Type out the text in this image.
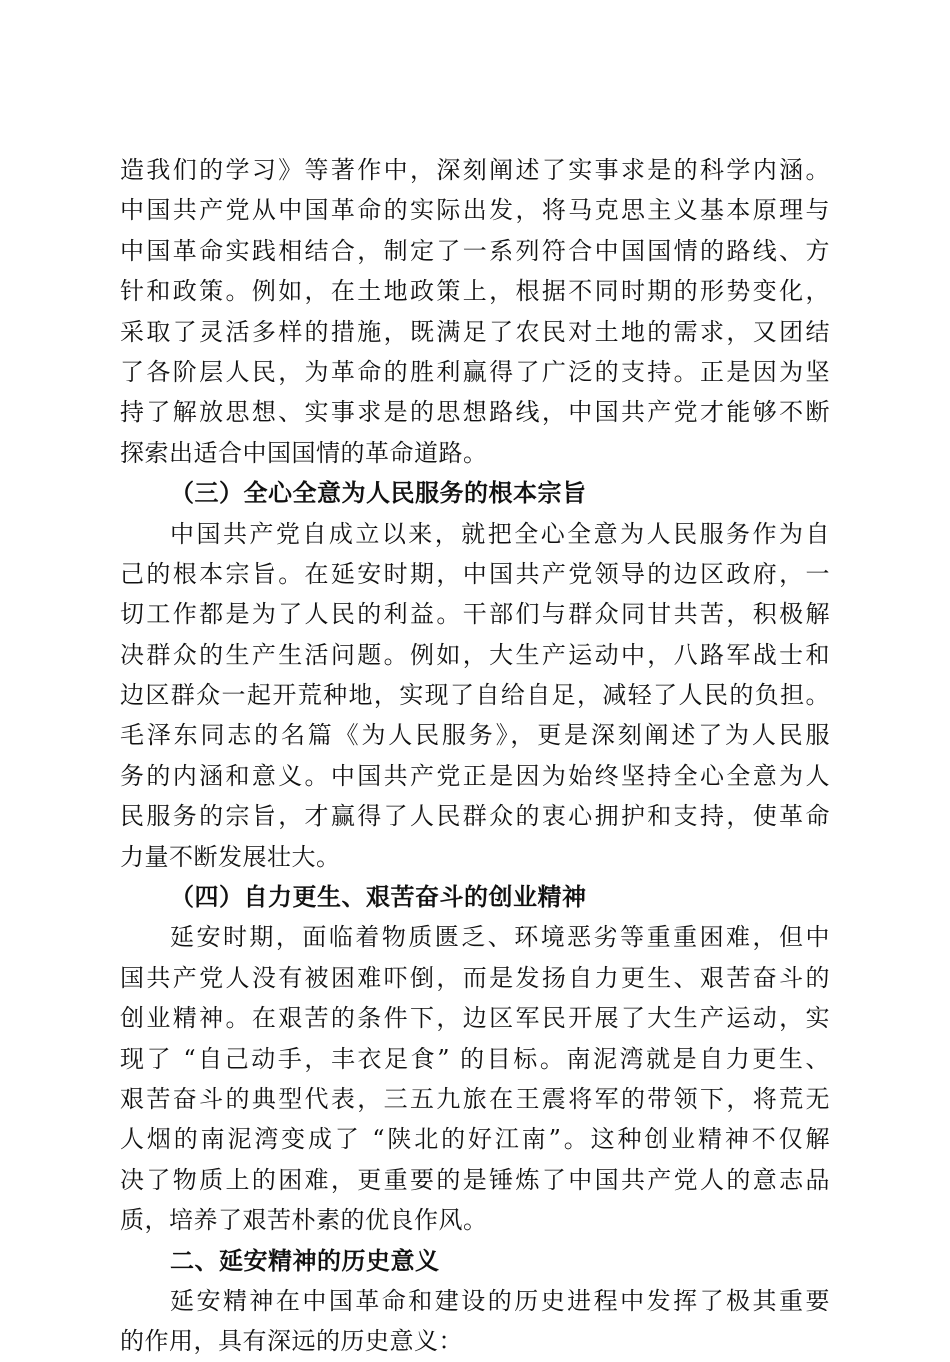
造我们的学习》等著作中，深刻阐述了实事求是的科学内涵。
中国共产党从中国革命的实际出发，将马克思主义基本原理与
中国革命实践相结合，制定了一系列符合中国国情的路线、方
针和政策。例如，在土地政策上，根据不同时期的形势变化，
采取了灵活多样的措施，既满足了农民对土地的需求，又团结
了各阶层人民，为革命的胜利赢得了广泛的支持。正是因为坚
持了解放思想、实事求是的思想路线，中国共产党才能够不断
探索出适合中国国情的革命道路。
（三）全心全意为人民服务的根本宗旨
中国共产党自成立以来，就把全心全意为人民服务作为自
己的根本宗旨。在延安时期，中国共产党领导的边区政府，一
切工作都是为了人民的利益。干部们与群众同甘共苦，积极解
决群众的生产生活问题。例如，大生产运动中，八路军战士和
边区群众一起开荒种地，实现了自给自足，减轻了人民的负担。
毛泽东同志的名篇《为人民服务》，更是深刻阐述了为人民服
务的内涵和意义。中国共产党正是因为始终坚持全心全意为人
民服务的宗旨，才赢得了人民群众的衷心拥护和支持，使革命
力量不断发展壮大。
（四）自力更生、艰苦奋斗的创业精神
延安时期，面临着物质匮乏、环境恶劣等重重困难，但中
国共产党人没有被困难吓倒，而是发扬自力更生、艰苦奋斗的
创业精神。在艰苦的条件下，边区军民开展了大生产运动，实
现了 “自己动手，丰衣足食” 的目标。南泥湾就是自力更生、
艰苦奋斗的典型代表，三五九旅在王震将军的带领下，将荒无
人烟的南泥湾变成了 “陕北的好江南”。这种创业精神不仅解
决了物质上的困难，更重要的是锤炼了中国共产党人的意志品
质，培养了艰苦朴素的优良作风。
二、延安精神的历史意义
延安精神在中国革命和建设的历史进程中发挥了极其重要
的作用，具有深远的历史意义：
